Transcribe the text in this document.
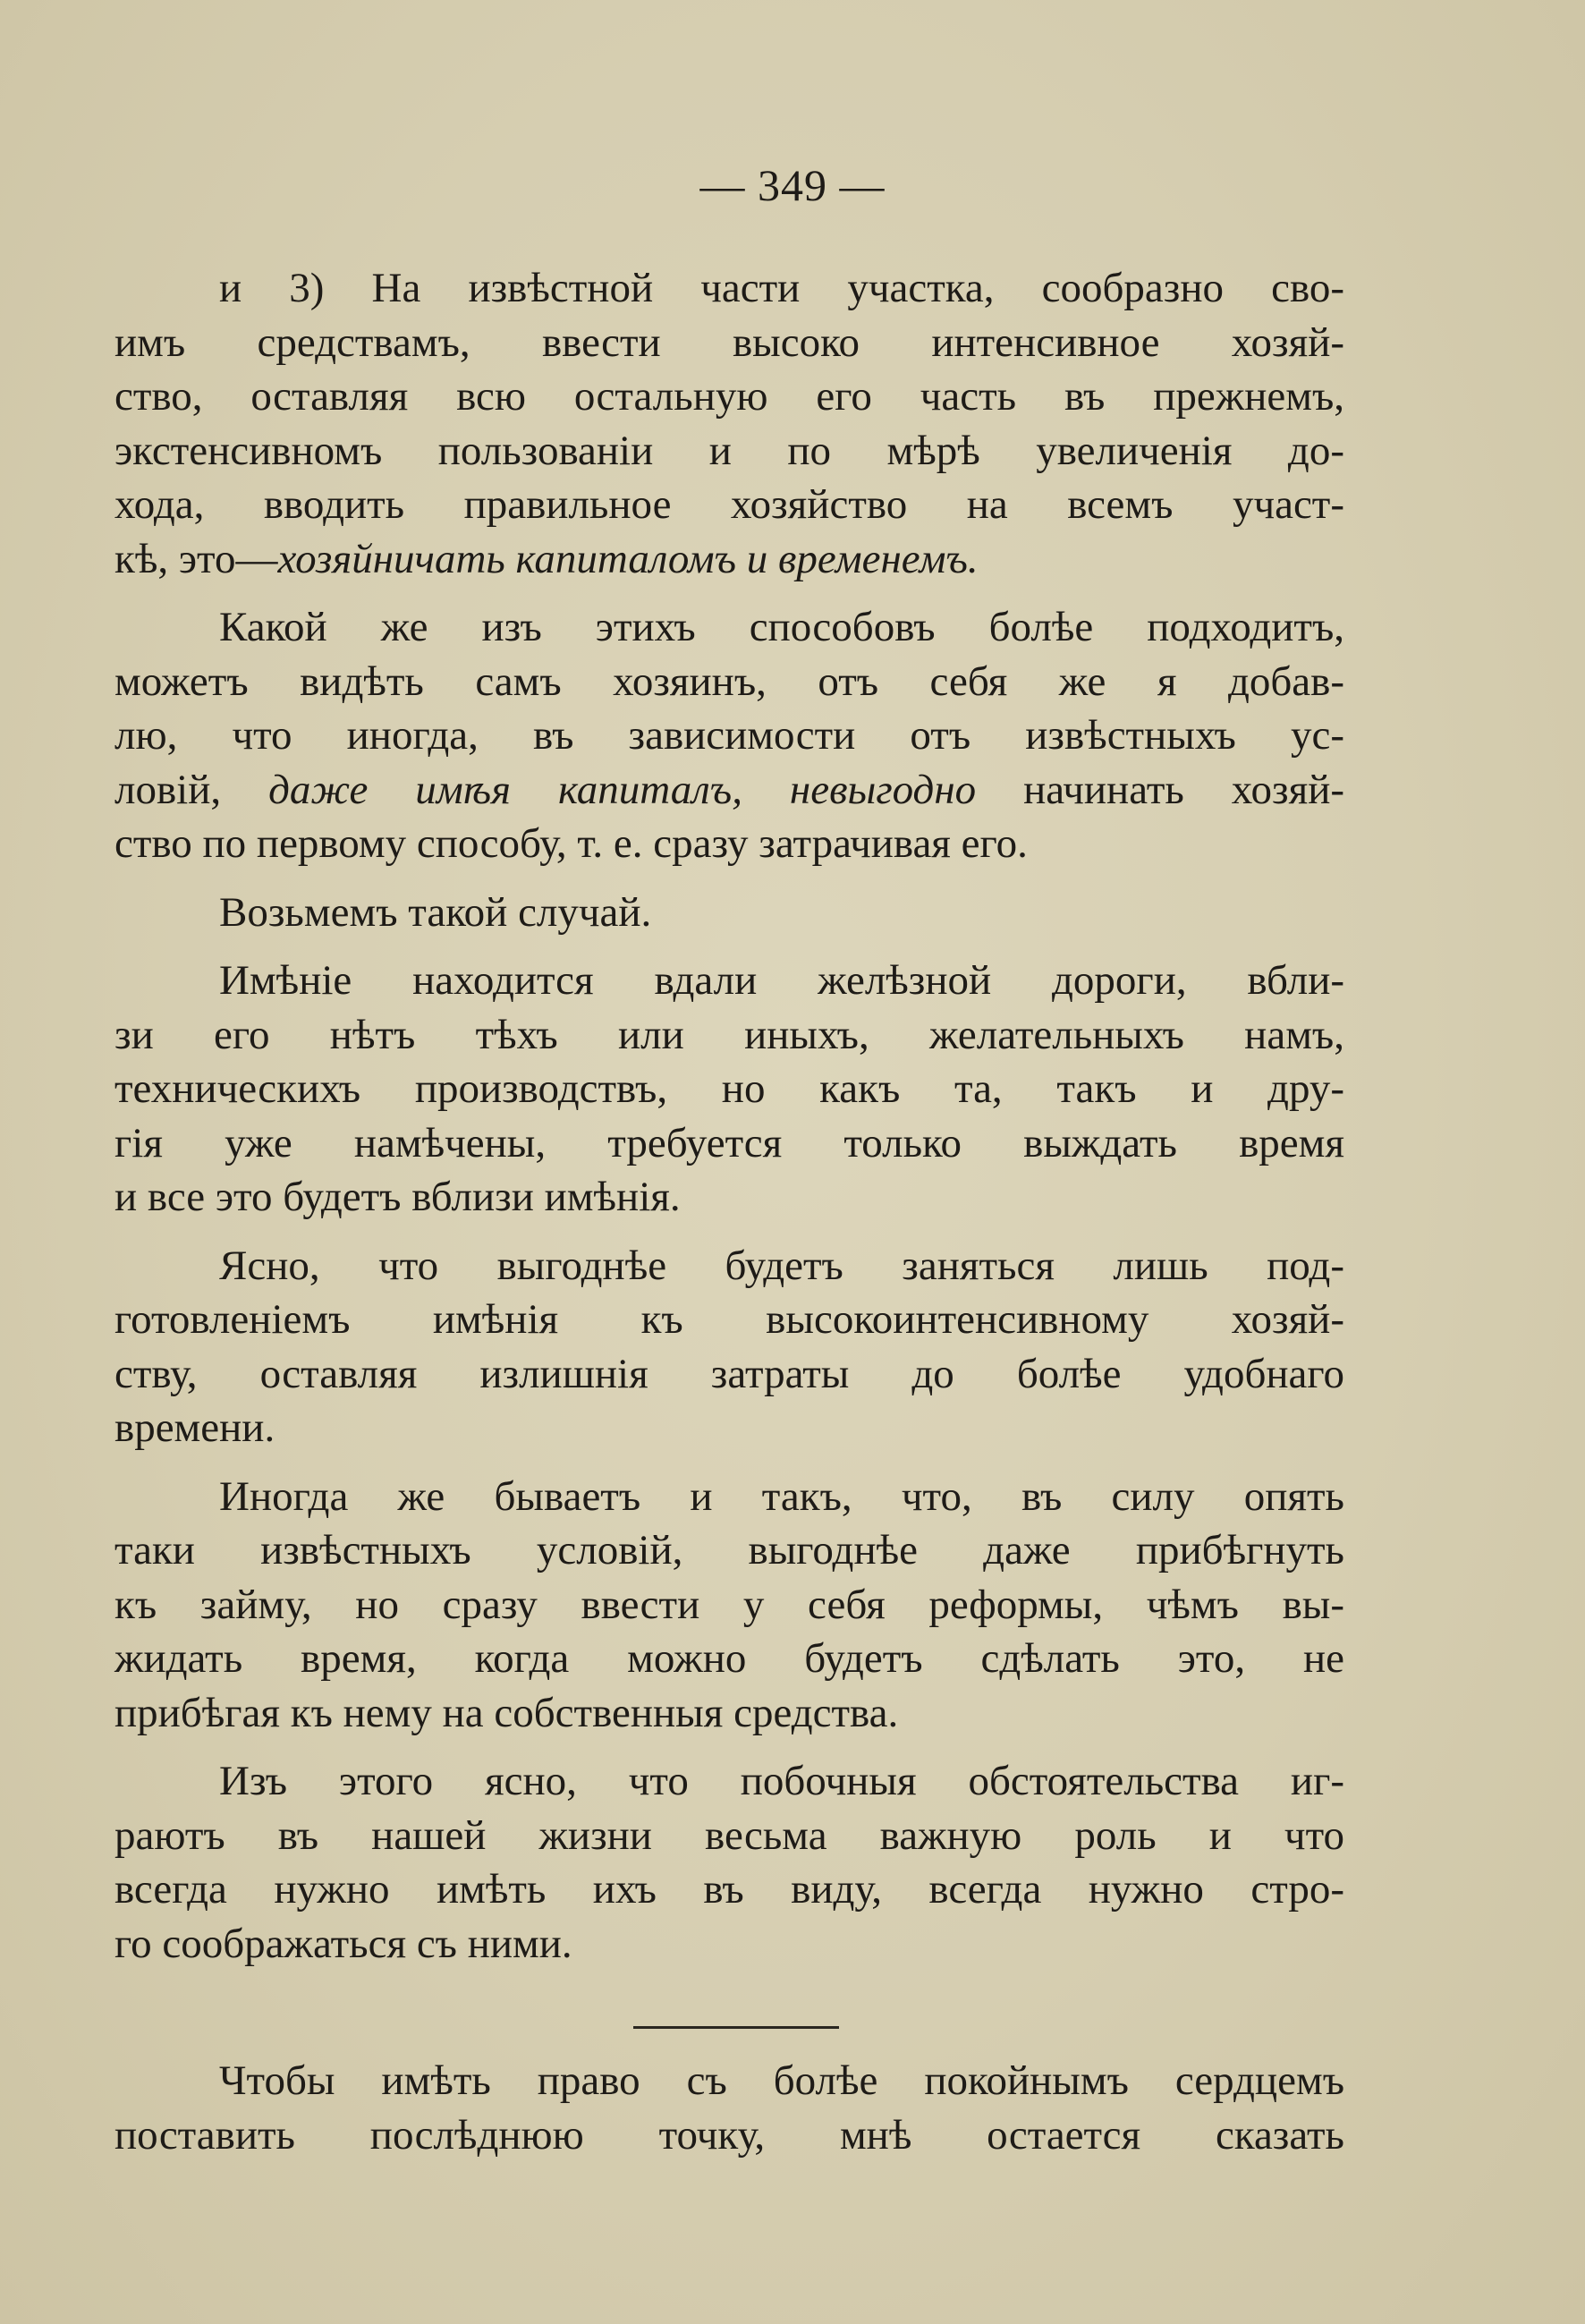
— 349 —

и 3) На извѣстной части участка, сообразно сво-
имъ средствамъ, ввести высоко интенсивное хозяй-
ство, оставляя всю остальную его часть въ прежнемъ,
экстенсивномъ пользованіи и по мѣрѣ увеличенія до-
хода, вводить правильное хозяйство на всемъ участ-
кѣ, это—хозяйничать капиталомъ и временемъ.

Какой же изъ этихъ способовъ болѣе подходитъ,
можетъ видѣть самъ хозяинъ, отъ себя же я добав-
лю, что иногда, въ зависимости отъ извѣстныхъ ус-
ловій, даже имѣя капиталъ, невыгодно начинать хозяй-
ство по первому способу, т. е. сразу затрачивая его.

Возьмемъ такой случай.

Имѣніе находится вдали желѣзной дороги, вбли-
зи его нѣтъ тѣхъ или иныхъ, желательныхъ намъ,
техническихъ производствъ, но какъ та, такъ и дру-
гія уже намѣчены, требуется только выждать время
и все это будетъ вблизи имѣнія.

Ясно, что выгоднѣе будетъ заняться лишь под-
готовленіемъ имѣнія къ высокоинтенсивному хозяй-
ству, оставляя излишнія затраты до болѣе удобнаго
времени.

Иногда же бываетъ и такъ, что, въ силу опять
таки извѣстныхъ условій, выгоднѣе даже прибѣгнуть
къ займу, но сразу ввести у себя реформы, чѣмъ вы-
жидать время, когда можно будетъ сдѣлать это, не
прибѣгая къ нему на собственныя средства.

Изъ этого ясно, что побочныя обстоятельства иг-
раютъ въ нашей жизни весьма важную роль и что
всегда нужно имѣть ихъ въ виду, всегда нужно стро-
го соображаться съ ними.

Чтобы имѣть право съ болѣе покойнымъ сердцемъ
поставить послѣднюю точку, мнѣ остается сказать
